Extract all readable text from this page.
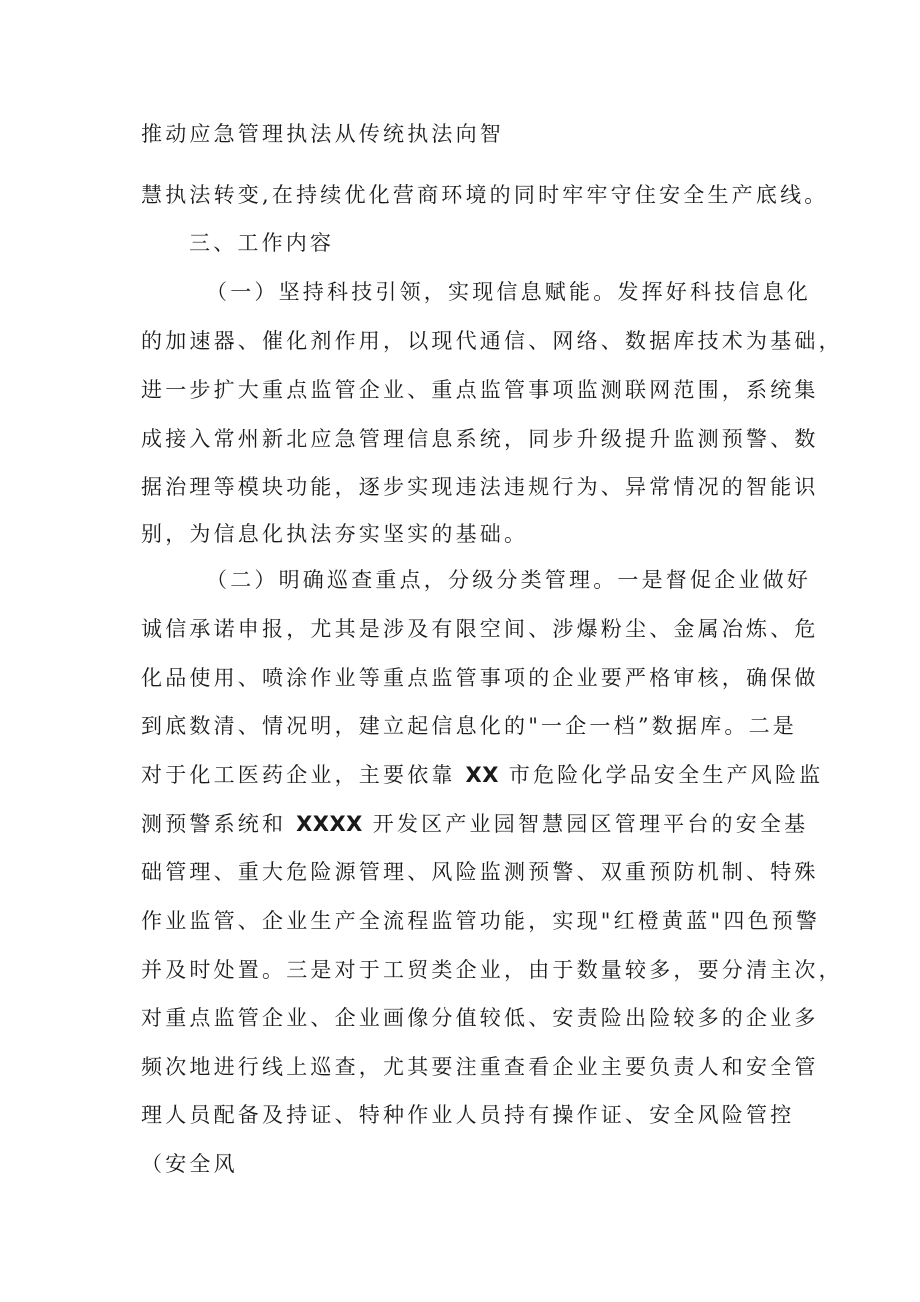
推动应急管理执法从传统执法向智
慧执法转变,在持续优化营商环境的同时牢牢守住安全生产底线。
三、工作内容
（一）坚持科技引领，实现信息赋能。发挥好科技信息化
的加速器、催化剂作用，以现代通信、网络、数据库技术为基础，
进一步扩大重点监管企业、重点监管事项监测联网范围，系统集
成接入常州新北应急管理信息系统，同步升级提升监测预警、数
据治理等模块功能，逐步实现违法违规行为、异常情况的智能识
别，为信息化执法夯实坚实的基础。
（二）明确巡查重点，分级分类管理。一是督促企业做好
诚信承诺申报，尤其是涉及有限空间、涉爆粉尘、金属冶炼、危
化品使用、喷涂作业等重点监管事项的企业要严格审核，确保做
到底数清、情况明，建立起信息化的"一企一档”数据库。二是
对于化工医药企业，主要依靠 XX 市危险化学品安全生产风险监
测预警系统和 XXXX 开发区产业园智慧园区管理平台的安全基
础管理、重大危险源管理、风险监测预警、双重预防机制、特殊
作业监管、企业生产全流程监管功能，实现"红橙黄蓝"四色预警
并及时处置。三是对于工贸类企业，由于数量较多，要分清主次，
对重点监管企业、企业画像分值较低、安责险出险较多的企业多
频次地进行线上巡查，尤其要注重查看企业主要负责人和安全管
理人员配备及持证、特种作业人员持有操作证、安全风险管控
（安全风
